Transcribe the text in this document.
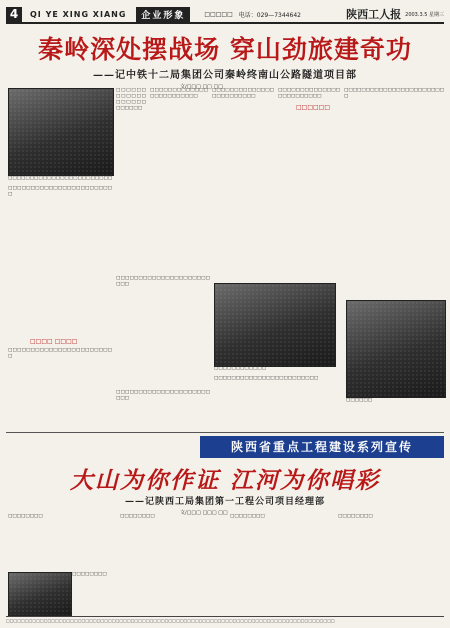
4	QI YE XING XIANG	企业形象	□□□□□ 电话：029—7344642	陕西工人报 2003.3.5 星期三
秦岭深处摆战场 穿山劲旅建奇功
——记中铁十二局集团公司秦岭终南山公路隧道项目部
文/□□□ □□ □□
□□□□□□□□□□□□□□□□□□□□□□□□
□□□□□□□□□□□□
□□□□□□
□□□□□□□□□□□□□□□□□□□□□□□□
□□□□□□□□□□□□□□□□□□□□□□□□
□□□□□□□□□□□□□□□□□□□□□□□□
□□□□□□□□□□□□□□□□□□□□□□□□
□□□□□□□□□□□□□□□□□□□□□□□□
□□□□□□
□□□□□□□□□□□□□□□□□□□□□□□□
□□□□ □□□□
□□□□□□□□□□□□□□□□□□□□□□□□
□□□□□□□□□□□□□□□□□□□□□□□□
□□□□□□□□□□□□□□□□□□□□□□□□
□□□□□□□□□□□□□□□□□□□□□□□□
陕西省重点工程建设系列宣传
大山为你作证 江河为你唱彩
——记陕西工局集团第一工程公司项目经理部
文/□□□ □□□ □□
□□□□□□□□
□□□□□□□□
□□□□□□□□	□□□□□□□□	□□□□□□□□
□□□□□□□□□□□□□□□□□□□□□□□□□□□□□□□□□□□□□□□□□□□□□□□□□□□□□□□□□□□□□□□□□□□□□□□□□□□□□□□□□□□□□□□
